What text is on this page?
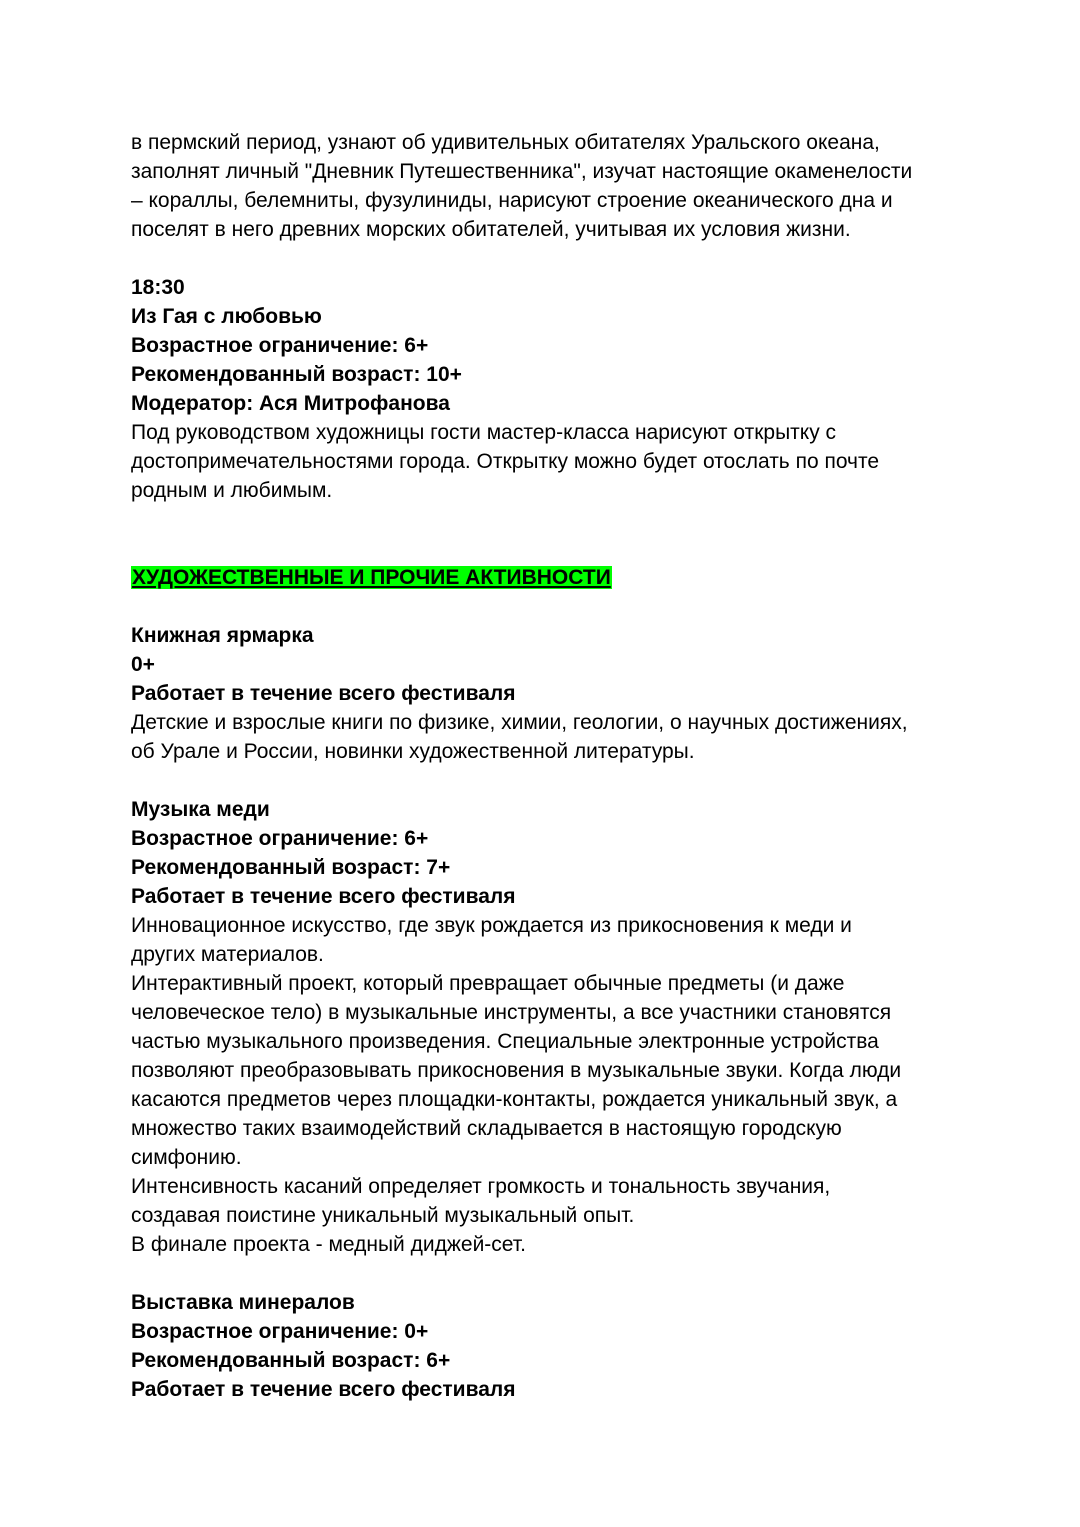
в пермский период, узнают об удивительных обитателях Уральского океана,
заполнят личный "Дневник Путешественника", изучат настоящие окаменелости
– кораллы, белемниты, фузулиниды, нарисуют строение океанического дна и
поселят в него древних морских обитателей, учитывая их условия жизни.
18:30
Из Гая с любовью
Возрастное ограничение: 6+
Рекомендованный возраст: 10+
Модератор: Ася Митрофанова
Под руководством художницы гости мастер-класса нарисуют открытку с
достопримечательностями города. Открытку можно будет отослать по почте
родным и любимым.
ХУДОЖЕСТВЕННЫЕ И ПРОЧИЕ АКТИВНОСТИ
Книжная ярмарка
0+
Работает в течение всего фестиваля
Детские и взрослые книги по физике, химии, геологии, о научных достижениях,
об Урале и России, новинки художественной литературы.
Музыка меди
Возрастное ограничение: 6+
Рекомендованный возраст: 7+
Работает в течение всего фестиваля
Инновационное искусство, где звук рождается из прикосновения к меди и
других материалов.
Интерактивный проект, который превращает обычные предметы (и даже
человеческое тело) в музыкальные инструменты, а все участники становятся
частью музыкального произведения. Специальные электронные устройства
позволяют преобразовывать прикосновения в музыкальные звуки. Когда люди
касаются предметов через площадки-контакты, рождается уникальный звук, а
множество таких взаимодействий складывается в настоящую городскую
симфонию.
Интенсивность касаний определяет громкость и тональность звучания,
создавая поистине уникальный музыкальный опыт.
В финале проекта - медный диджей-сет.
Выставка минералов
Возрастное ограничение: 0+
Рекомендованный возраст: 6+
Работает в течение всего фестиваля
